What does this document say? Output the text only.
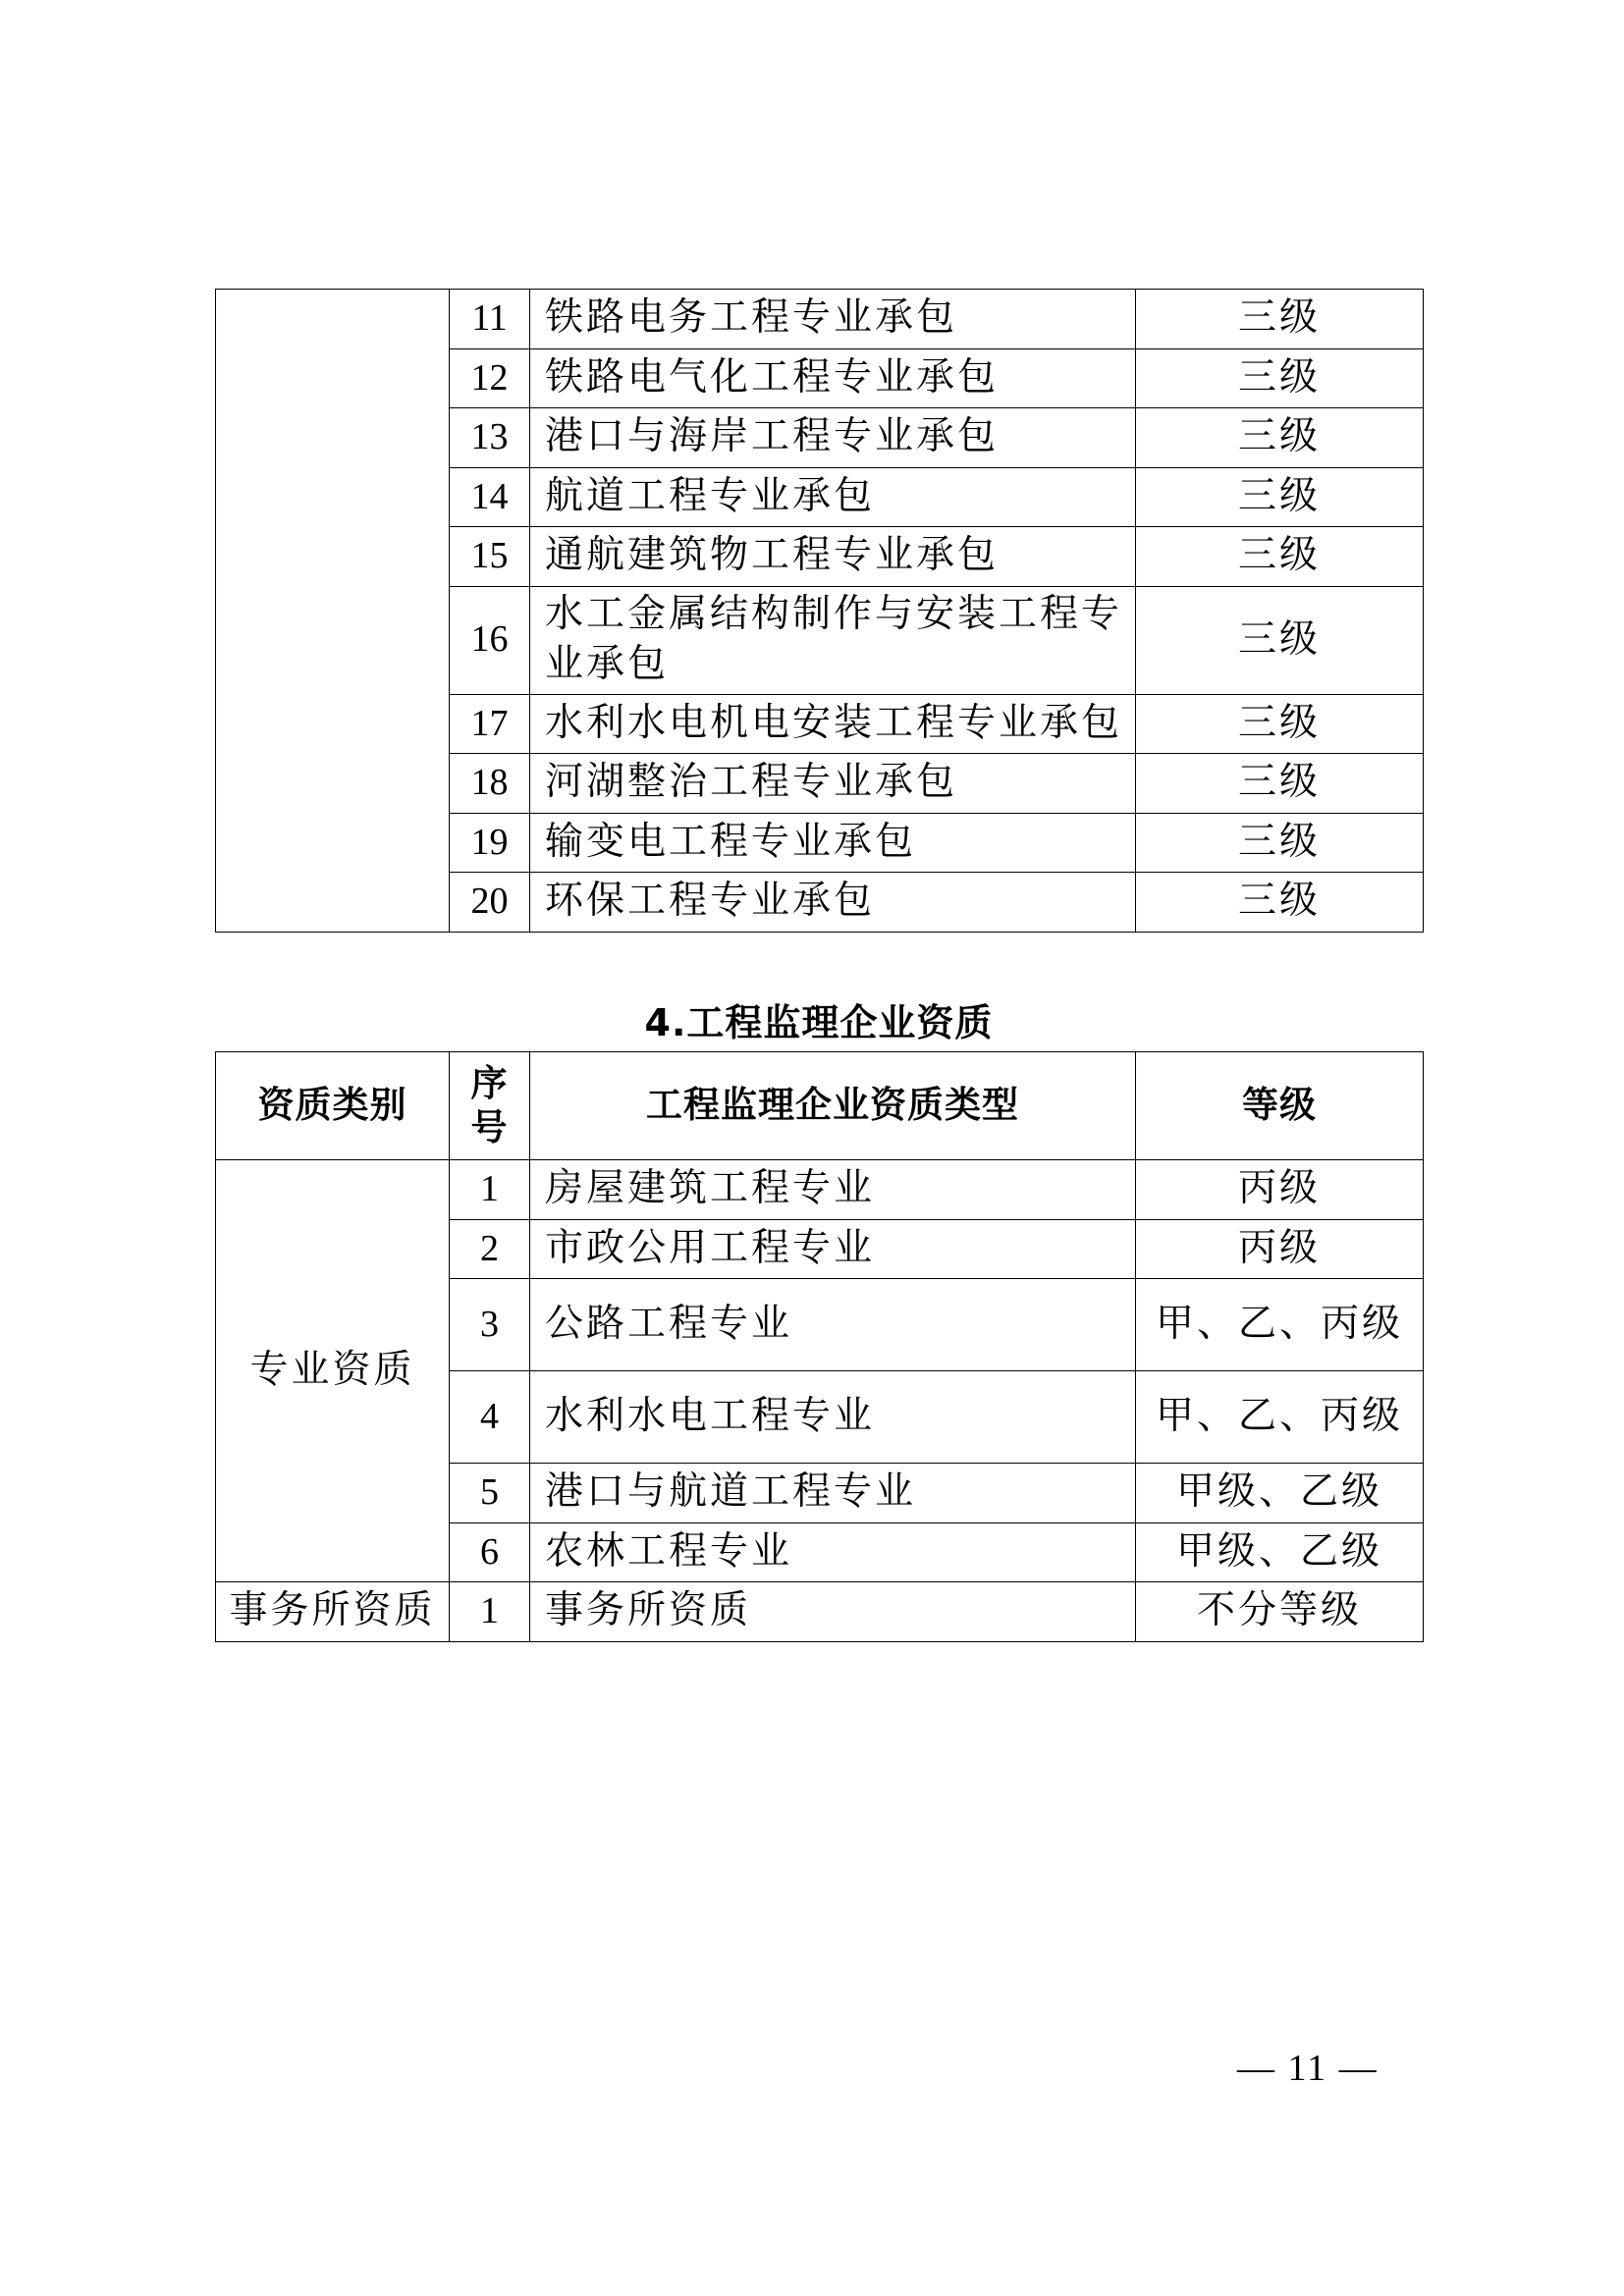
	11	铁路电务工程专业承包	三级
	12	铁路电气化工程专业承包	三级
	13	港口与海岸工程专业承包	三级
	14	航道工程专业承包	三级
	15	通航建筑物工程专业承包	三级
	16	水工金属结构制作与安装工程专业承包	三级
	17	水利水电机电安装工程专业承包	三级
	18	河湖整治工程专业承包	三级
	19	输变电工程专业承包	三级
	20	环保工程专业承包	三级
4.工程监理企业资质
资质类别	序号	工程监理企业资质类型	等级
专业资质	1	房屋建筑工程专业	丙级
	2	市政公用工程专业	丙级
	3	公路工程专业	甲、乙、丙级
	4	水利水电工程专业	甲、乙、丙级
	5	港口与航道工程专业	甲级、乙级
	6	农林工程专业	甲级、乙级
事务所资质	1	事务所资质	不分等级
— 11 —
